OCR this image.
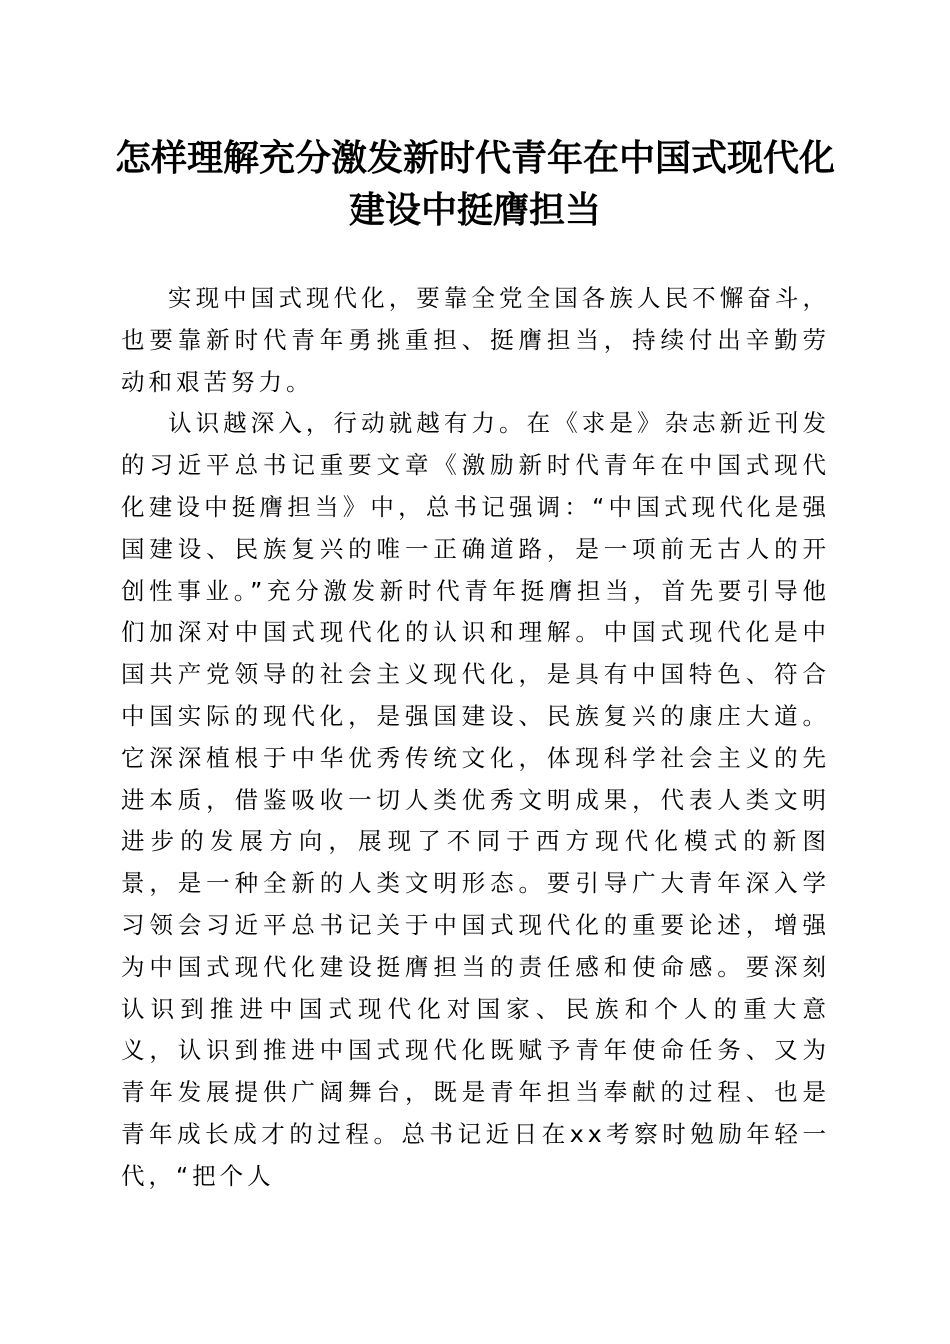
怎样理解充分激发新时代青年在中国式现代化
建设中挺膺担当

实现中国式现代化，要靠全党全国各族人民不懈奋斗，也要靠新时代青年勇挑重担、挺膺担当，持续付出辛勤劳动和艰苦努力。

认识越深入，行动就越有力。在《求是》杂志新近刊发的习近平总书记重要文章《激励新时代青年在中国式现代化建设中挺膺担当》中，总书记强调：“中国式现代化是强国建设、民族复兴的唯一正确道路，是一项前无古人的开创性事业。”充分激发新时代青年挺膺担当，首先要引导他们加深对中国式现代化的认识和理解。中国式现代化是中国共产党领导的社会主义现代化，是具有中国特色、符合中国实际的现代化，是强国建设、民族复兴的康庄大道。它深深植根于中华优秀传统文化，体现科学社会主义的先进本质，借鉴吸收一切人类优秀文明成果，代表人类文明进步的发展方向，展现了不同于西方现代化模式的新图景，是一种全新的人类文明形态。要引导广大青年深入学习领会习近平总书记关于中国式现代化的重要论述，增强为中国式现代化建设挺膺担当的责任感和使命感。要深刻认识到推进中国式现代化对国家、民族和个人的重大意义，认识到推进中国式现代化既赋予青年使命任务、又为青年发展提供广阔舞台，既是青年担当奉献的过程、也是青年成长成才的过程。总书记近日在xx考察时勉励年轻一代，“把个人
